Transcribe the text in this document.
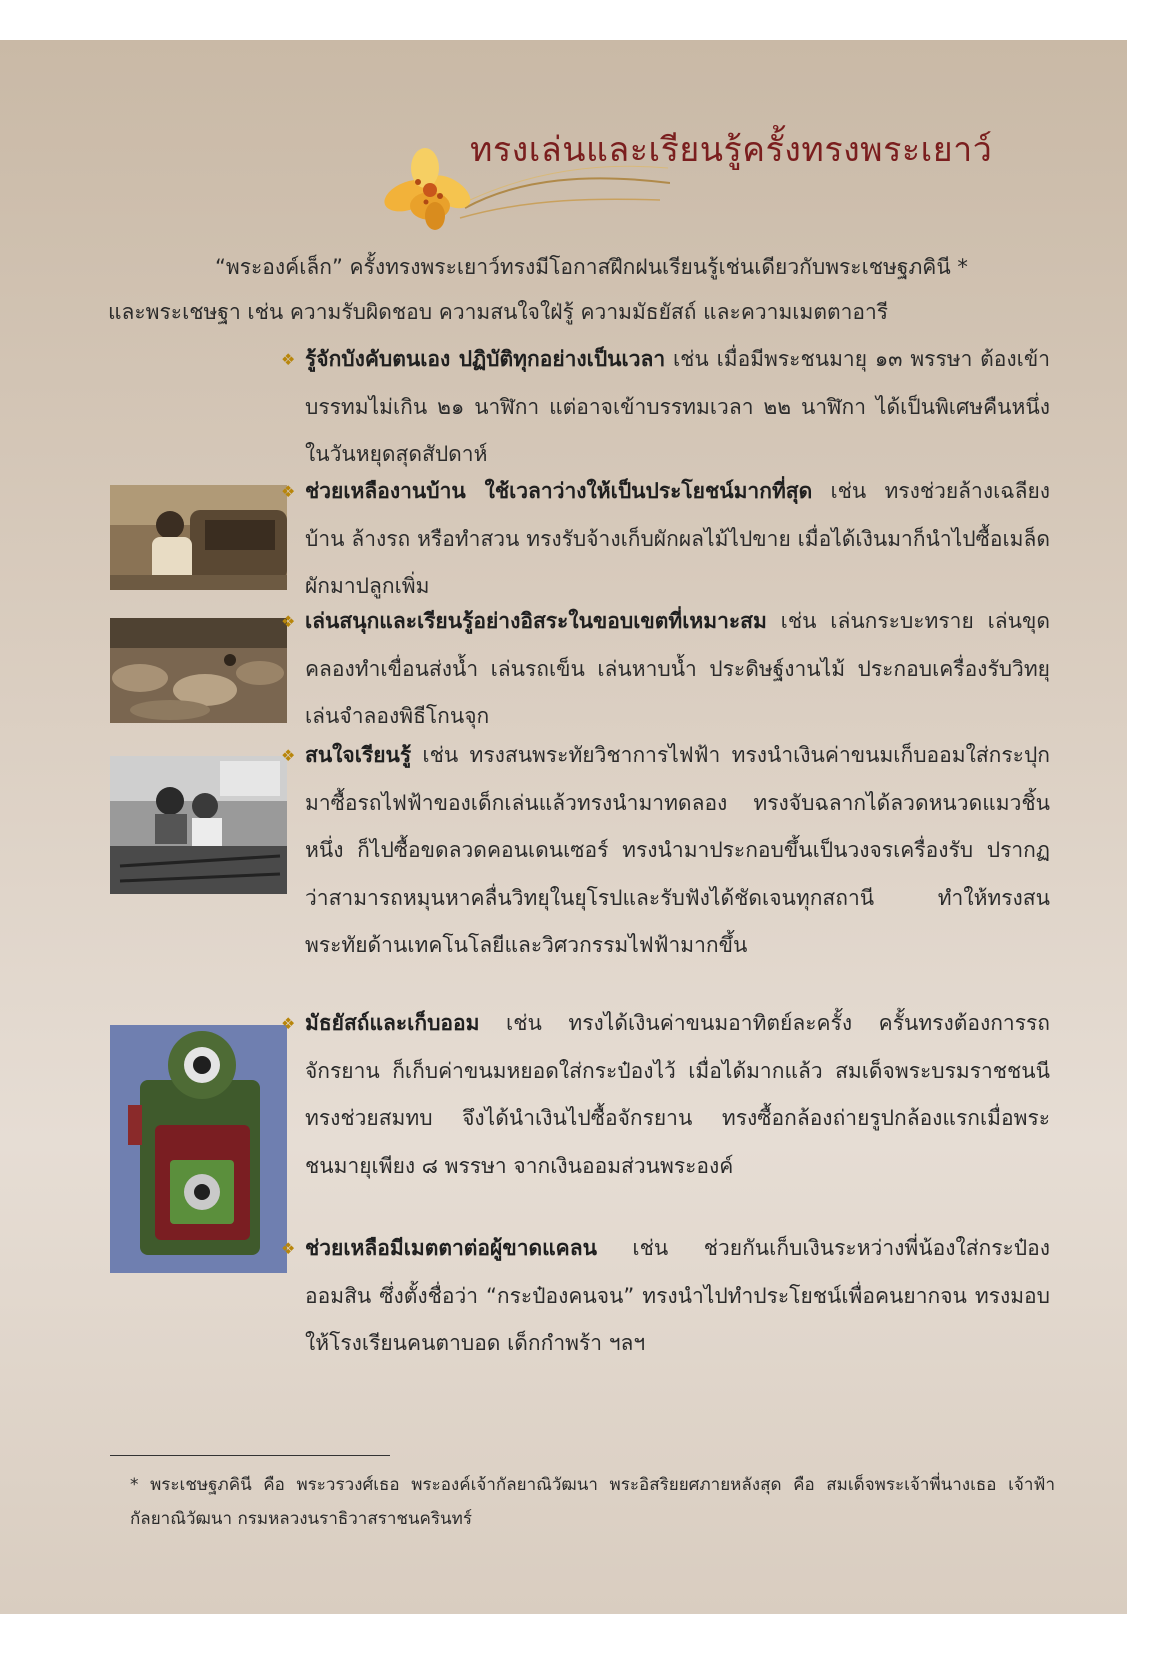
ทรงเล่นและเรียนรู้ครั้งทรงพระเยาว์
“พระองค์เล็ก” ครั้งทรงพระเยาว์ทรงมีโอกาสฝึกฝนเรียนรู้เช่นเดียวกับพระเชษฐภคินี *
และพระเชษฐา เช่น ความรับผิดชอบ ความสนใจใฝ่รู้ ความมัธยัสถ์ และความเมตตาอารี
❖ รู้จักบังคับตนเอง ปฏิบัติทุกอย่างเป็นเวลา เช่น เมื่อมีพระชนมายุ ๑๓ พรรษา ต้องเข้าบรรทมไม่เกิน ๒๑ นาฬิกา แต่อาจเข้าบรรทมเวลา ๒๒ นาฬิกา ได้เป็นพิเศษคืนหนึ่งในวันหยุดสุดสัปดาห์
❖ ช่วยเหลืองานบ้าน ใช้เวลาว่างให้เป็นประโยชน์มากที่สุด เช่น ทรงช่วยล้างเฉลียงบ้าน ล้างรถ หรือทำสวน ทรงรับจ้างเก็บผักผลไม้ไปขาย เมื่อได้เงินมาก็นำไปซื้อเมล็ดผักมาปลูกเพิ่ม
❖ เล่นสนุกและเรียนรู้อย่างอิสระในขอบเขตที่เหมาะสม เช่น เล่นกระบะทราย เล่นขุดคลองทำเขื่อนส่งน้ำ เล่นรถเข็น เล่นหาบน้ำ ประดิษฐ์งานไม้ ประกอบเครื่องรับวิทยุ เล่นจำลองพิธีโกนจุก
❖ สนใจเรียนรู้ เช่น ทรงสนพระทัยวิชาการไฟฟ้า ทรงนำเงินค่าขนมเก็บออมใส่กระปุกมาซื้อรถไฟฟ้าของเด็กเล่นแล้วทรงนำมาทดลอง ทรงจับฉลากได้ลวดหนวดแมวชิ้นหนึ่ง ก็ไปซื้อขดลวดคอนเดนเซอร์ ทรงนำมาประกอบขึ้นเป็นวงจรเครื่องรับ ปรากฏว่าสามารถหมุนหาคลื่นวิทยุในยุโรปและรับฟังได้ชัดเจนทุกสถานี ทำให้ทรงสนพระทัยด้านเทคโนโลยีและวิศวกรรมไฟฟ้ามากขึ้น
❖ มัธยัสถ์และเก็บออม เช่น ทรงได้เงินค่าขนมอาทิตย์ละครั้ง ครั้นทรงต้องการรถจักรยาน ก็เก็บค่าขนมหยอดใส่กระป๋องไว้ เมื่อได้มากแล้ว สมเด็จพระบรมราชชนนีทรงช่วยสมทบ จึงได้นำเงินไปซื้อจักรยาน ทรงซื้อกล้องถ่ายรูปกล้องแรกเมื่อพระชนมายุเพียง ๘ พรรษา จากเงินออมส่วนพระองค์
❖ ช่วยเหลือมีเมตตาต่อผู้ขาดแคลน เช่น ช่วยกันเก็บเงินระหว่างพี่น้องใส่กระป๋องออมสิน ซึ่งตั้งชื่อว่า “กระป๋องคนจน” ทรงนำไปทำประโยชน์เพื่อคนยากจน ทรงมอบให้โรงเรียนคนตาบอด เด็กกำพร้า ฯลฯ
* พระเชษฐภคินี คือ พระวรวงศ์เธอ พระองค์เจ้ากัลยาณิวัฒนา พระอิสริยยศภายหลังสุด คือ สมเด็จพระเจ้าพี่นางเธอ เจ้าฟ้ากัลยาณิวัฒนา กรมหลวงนราธิวาสราชนครินทร์
